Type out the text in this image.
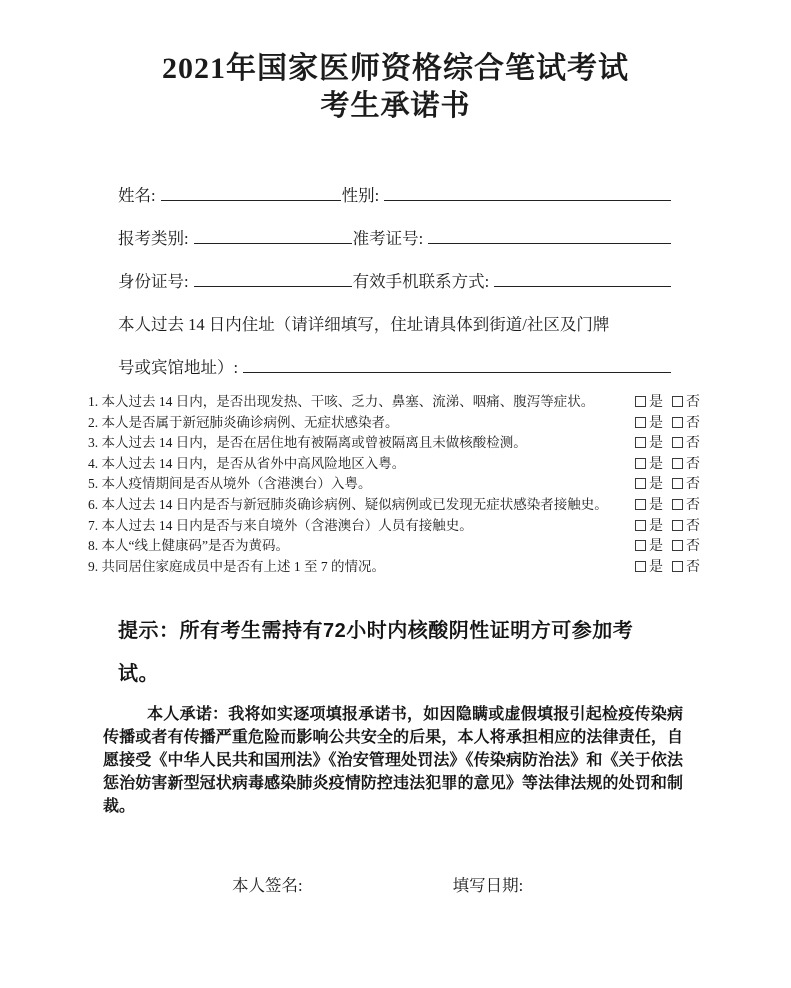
2021年国家医师资格综合笔试考试
考生承诺书
姓名:	性别:
报考类别:	准考证号:
身份证号:	有效手机联系方式:
本人过去 14 日内住址（请详细填写，住址请具体到街道/社区及门牌
号或宾馆地址）:
1. 本人过去 14 日内，是否出现发热、干咳、乏力、鼻塞、流涕、咽痛、腹泻等症状。	是	否
2. 本人是否属于新冠肺炎确诊病例、无症状感染者。	是	否
3. 本人过去 14 日内，是否在居住地有被隔离或曾被隔离且未做核酸检测。	是	否
4. 本人过去 14 日内，是否从省外中高风险地区入粤。	是	否
5. 本人疫情期间是否从境外（含港澳台）入粤。	是	否
6. 本人过去 14 日内是否与新冠肺炎确诊病例、疑似病例或已发现无症状感染者接触史。	是	否
7. 本人过去 14 日内是否与来自境外（含港澳台）人员有接触史。	是	否
8. 本人“线上健康码”是否为黄码。	是	否
9. 共同居住家庭成员中是否有上述 1 至 7 的情况。	是	否
提示：所有考生需持有72小时内核酸阴性证明方可参加考试。
本人承诺：我将如实逐项填报承诺书，如因隐瞒或虚假填报引起检疫传染病传播或者有传播严重危险而影响公共安全的后果，本人将承担相应的法律责任，自愿接受《中华人民共和国刑法》《治安管理处罚法》《传染病防治法》和《关于依法惩治妨害新型冠状病毒感染肺炎疫情防控违法犯罪的意见》等法律法规的处罚和制裁。
本人签名:	填写日期:
